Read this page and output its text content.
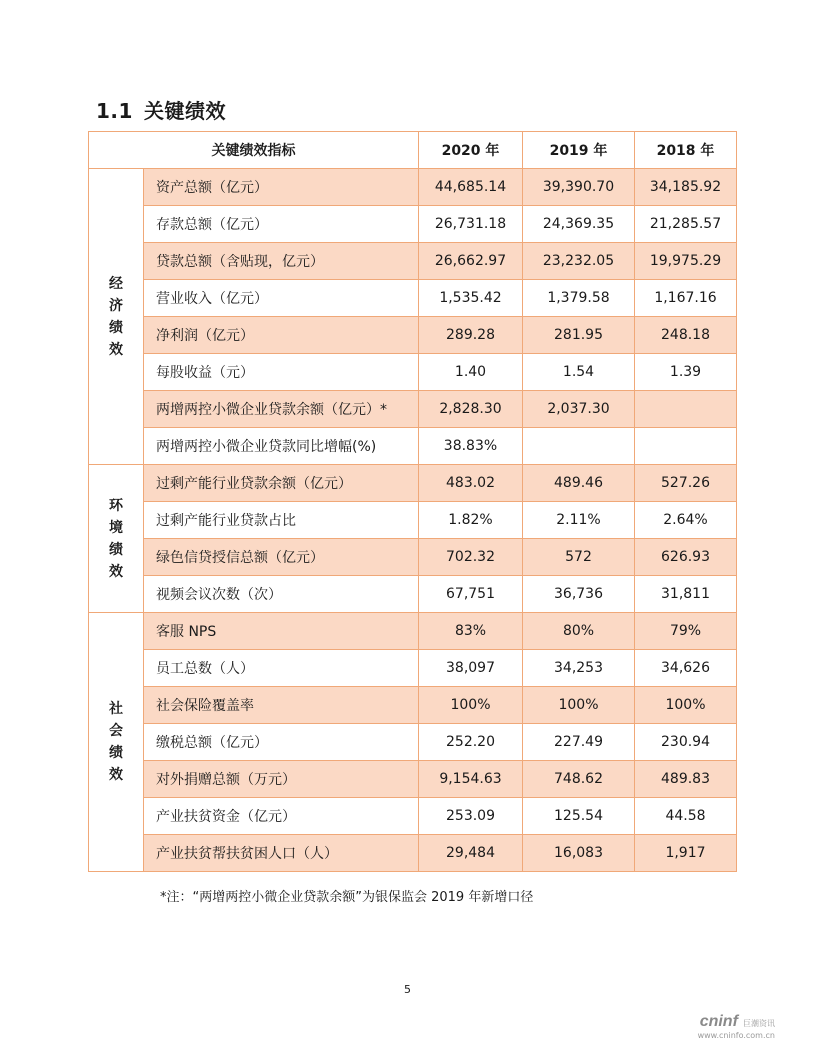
1.1 关键绩效
关键绩效指标		2020 年	2019 年	2018 年

经
济
绩
效	资产总额（亿元）	44,685.14	39,390.70	34,185.92
	存款总额（亿元）	26,731.18	24,369.35	21,285.57
	贷款总额（含贴现，亿元）	26,662.97	23,232.05	19,975.29
	营业收入（亿元）	1,535.42	1,379.58	1,167.16
	净利润（亿元）	289.28	281.95	248.18
	每股收益（元）	1.40	1.54	1.39
	两增两控小微企业贷款余额（亿元）*	2,828.30	2,037.30	
	两增两控小微企业贷款同比增幅(%)	38.83%		

环
境
绩
效	过剩产能行业贷款余额（亿元）	483.02	489.46	527.26
	过剩产能行业贷款占比	1.82%	2.11%	2.64%
	绿色信贷授信总额（亿元）	702.32	572	626.93
	视频会议次数（次）	67,751	36,736	31,811

社
会
绩
效	客服 NPS	83%	80%	79%
	员工总数（人）	38,097	34,253	34,626
	社会保险覆盖率	100%	100%	100%
	缴税总额（亿元）	252.20	227.49	230.94
	对外捐赠总额（万元）	9,154.63	748.62	489.83
	产业扶贫资金（亿元）	253.09	125.54	44.58
	产业扶贫帮扶贫困人口（人）	29,484	16,083	1,917
*注：“两增两控小微企业贷款余额”为银保监会 2019 年新增口径
5
cninf 巨潮资讯
www.cninfo.com.cn
